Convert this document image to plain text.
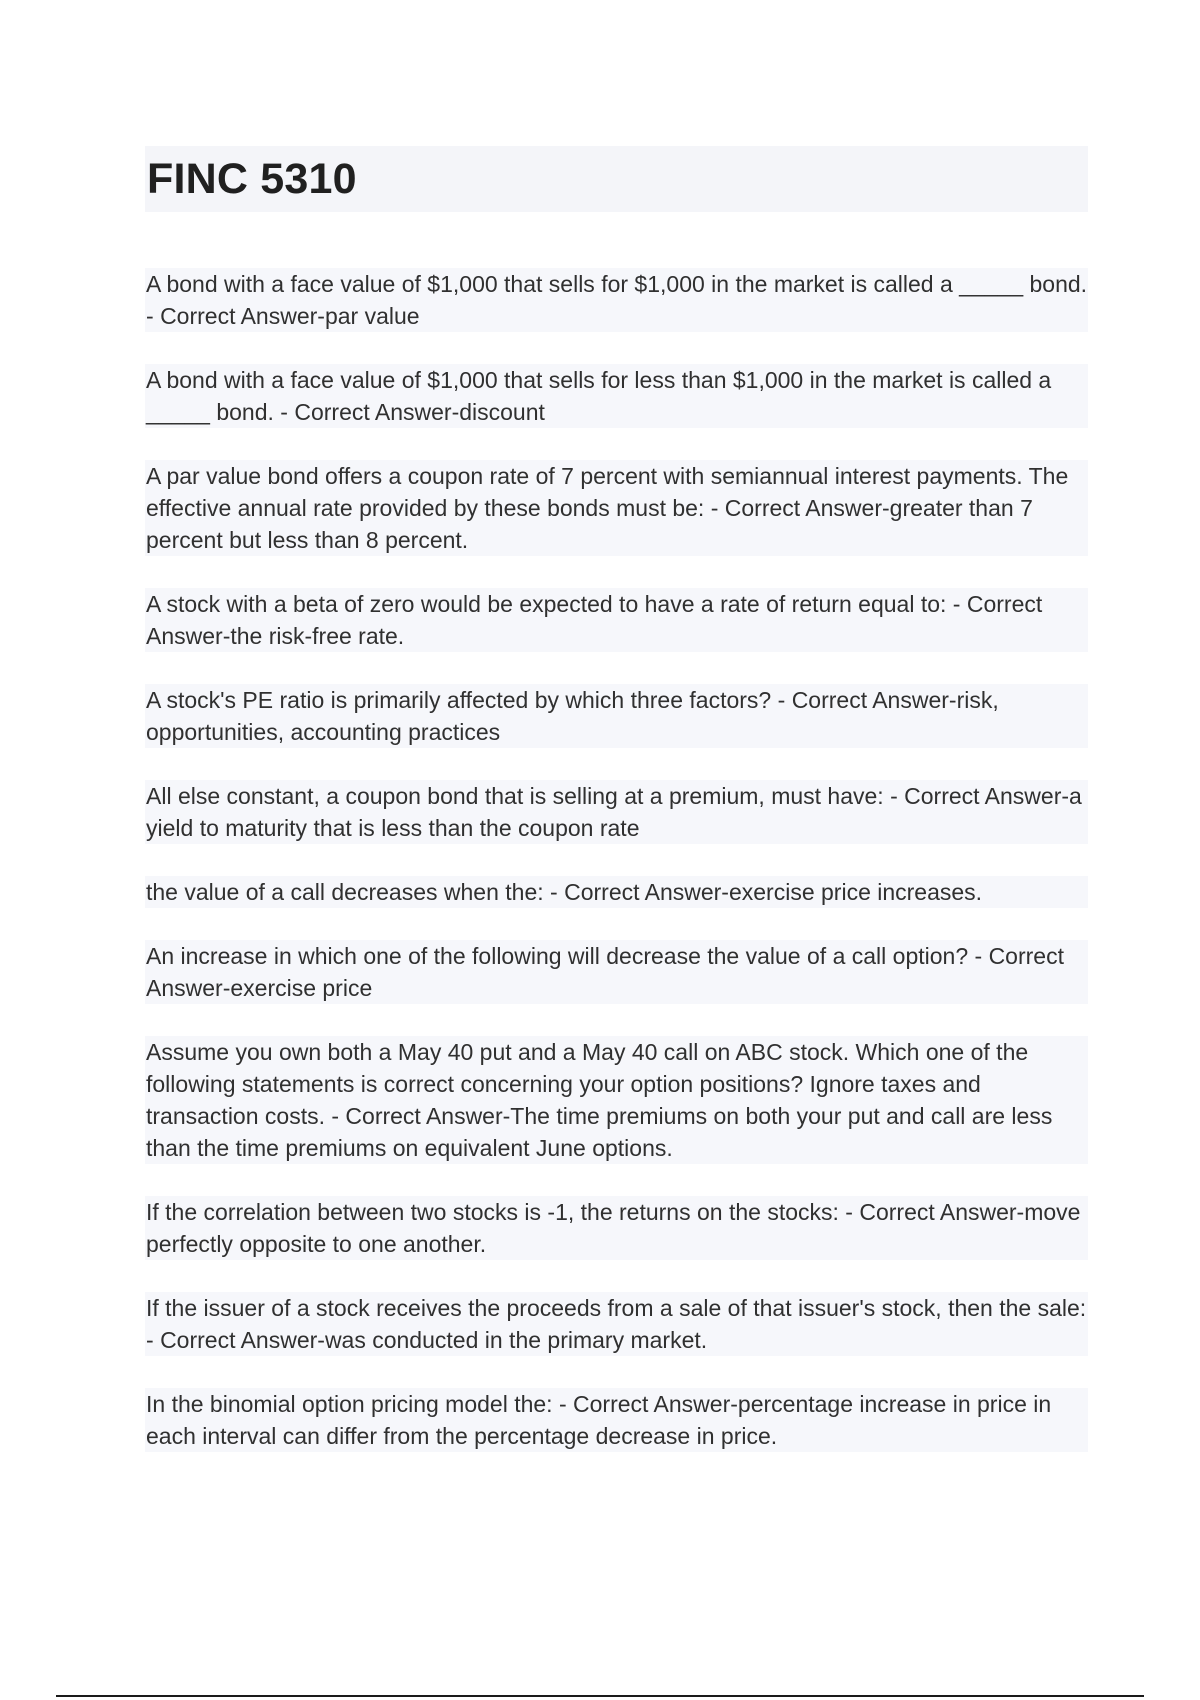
FINC 5310

A bond with a face value of $1,000 that sells for $1,000 in the market is called a _____ bond. - Correct Answer-par value

A bond with a face value of $1,000 that sells for less than $1,000 in the market is called a _____ bond. - Correct Answer-discount

A par value bond offers a coupon rate of 7 percent with semiannual interest payments. The effective annual rate provided by these bonds must be: - Correct Answer-greater than 7 percent but less than 8 percent.

A stock with a beta of zero would be expected to have a rate of return equal to: - Correct Answer-the risk-free rate.

A stock's PE ratio is primarily affected by which three factors? - Correct Answer-risk, opportunities, accounting practices

All else constant, a coupon bond that is selling at a premium, must have: - Correct Answer-a yield to maturity that is less than the coupon rate

the value of a call decreases when the: - Correct Answer-exercise price increases.

An increase in which one of the following will decrease the value of a call option? - Correct Answer-exercise price

Assume you own both a May 40 put and a May 40 call on ABC stock. Which one of the following statements is correct concerning your option positions? Ignore taxes and transaction costs. - Correct Answer-The time premiums on both your put and call are less than the time premiums on equivalent June options.

If the correlation between two stocks is -1, the returns on the stocks: - Correct Answer-move perfectly opposite to one another.

If the issuer of a stock receives the proceeds from a sale of that issuer's stock, then the sale: - Correct Answer-was conducted in the primary market.

In the binomial option pricing model the: - Correct Answer-percentage increase in price in each interval can differ from the percentage decrease in price.
